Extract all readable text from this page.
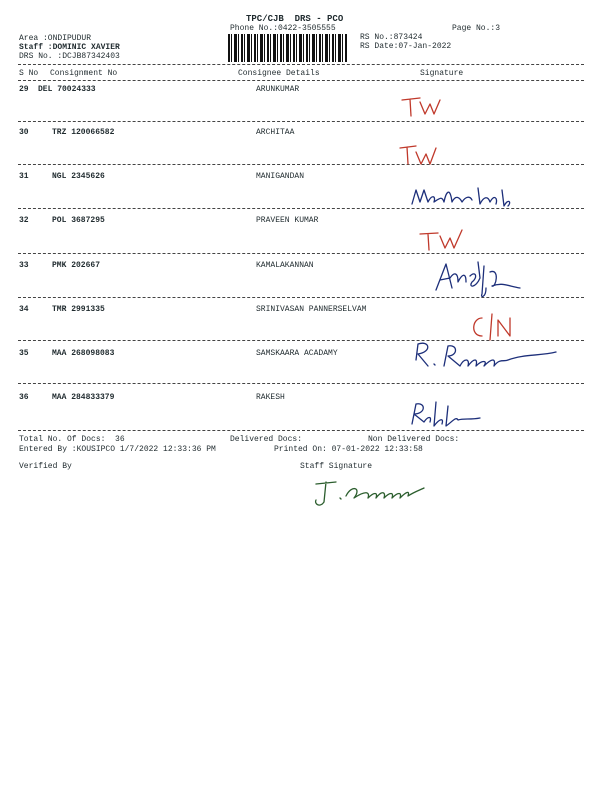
TPC/CJB  DRS - PCO
Phone No.:0422-3505555	Page No.:3
Area :ONDIPUDUR
Staff :DOMINIC XAVIER
DRS No. :DCJB87342403
RS No.:873424
RS Date:07-Jan-2022
S No Consignment No	Consignee Details	Signature
29 DEL 70024333	ARUNKUMAR
30	TRZ 120066582	ARCHITAA
31	NGL 2345626	MANIGANDAN
32	POL 3687295	PRAVEEN KUMAR
33	PMK 202667	KAMALAKANNAN
34	TMR 2991335	SRINIVASAN PANNERSELVAM
35	MAA 268098083	SAMSKAARA ACADAMY
36	MAA 284833379	RAKESH
Total No. Of Docs:  36	Delivered Docs:	Non Delivered Docs:
Entered By :KOUSIPCO 1/7/2022 12:33:36 PM	Printed On: 07-01-2022 12:33:58
Verified By	Staff Signature
